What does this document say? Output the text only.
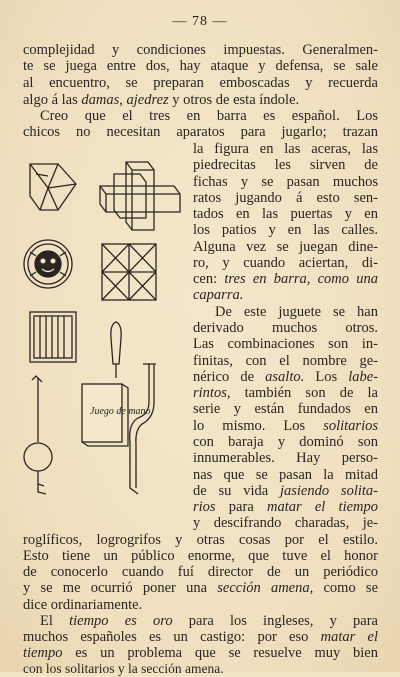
— 78 —
complejidad y condiciones impuestas. Generalmen-
te se juega entre dos, hay ataque y defensa, se sale
al encuentro, se preparan emboscadas y recuerda
algo á las damas, ajedrez y otros de esta índole.
Creo que el tres en barra es español. Los
chicos no necesitan aparatos para jugarlo; trazan
la figura en las aceras, las
piedrecitas les sirven de
fichas y se pasan muchos
ratos jugando á esto sen-
tados en las puertas y en
los patios y en las calles.
Alguna vez se juegan dine-
ro, y cuando aciertan, di-
cen: tres en barra, como una
caparra.
De este juguete se han
derivado muchos otros.
Las combinaciones son in-
finitas, con el nombre ge-
nérico de asalto. Los labe-
rintos, también son de la
serie y están fundados en
lo mismo. Los solitarios
con baraja y dominó son
innumerables. Hay perso-
nas que se pasan la mitad
de su vida jasiendo solita-
rios para matar el tiempo
y descifrando charadas, je-
roglíficos, logrogrifos y otras cosas por el estilo.
Esto tiene un público enorme, que tuve el honor
de conocerlo cuando fuí director de un periódico
y se me ocurrió poner una sección amena, como se
dice ordinariamente.
El tiempo es oro para los ingleses, y para
muchos españoles es un castigo: por eso matar el
tiempo es un problema que se resuelve muy bien
con los solitarios y la sección amena.
Juego de mano
